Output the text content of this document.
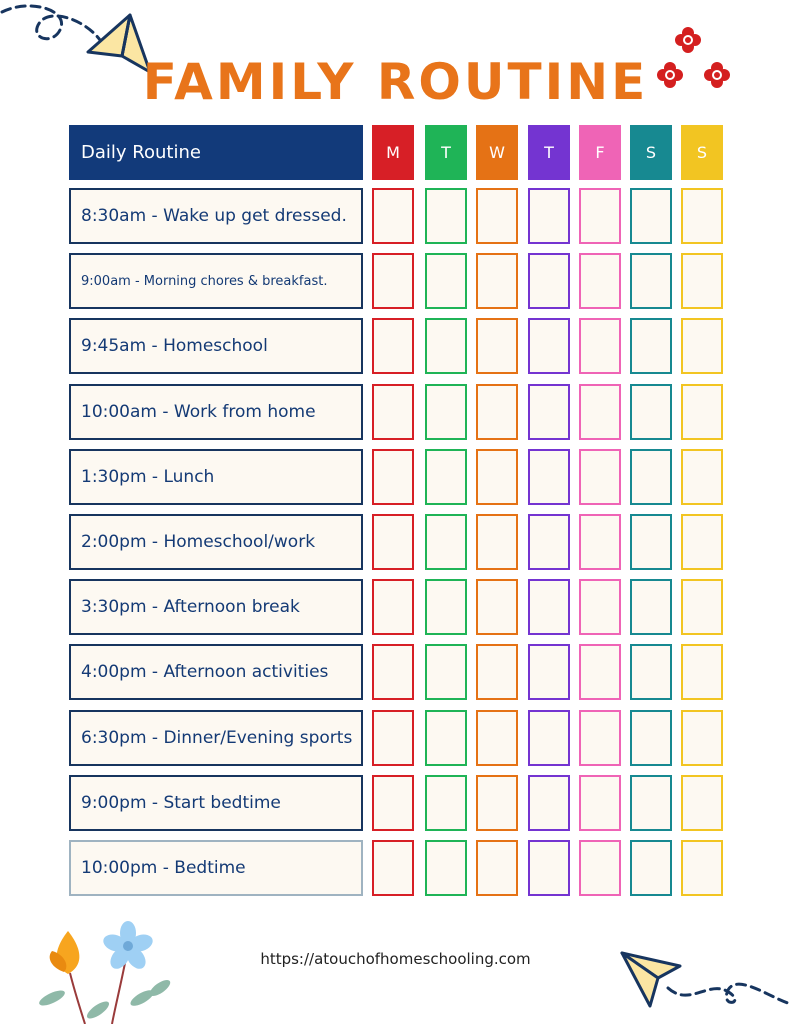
FAMILY ROUTINE
Daily Routine	M	T	W	T	F	S	S
8:30am - Wake up get dressed.
9:00am - Morning chores & breakfast.
9:45am - Homeschool
10:00am - Work from home
1:30pm - Lunch
2:00pm - Homeschool/work
3:30pm - Afternoon break
4:00pm - Afternoon activities
6:30pm - Dinner/Evening sports
9:00pm - Start bedtime
10:00pm - Bedtime
https://atouchofhomeschooling.com
